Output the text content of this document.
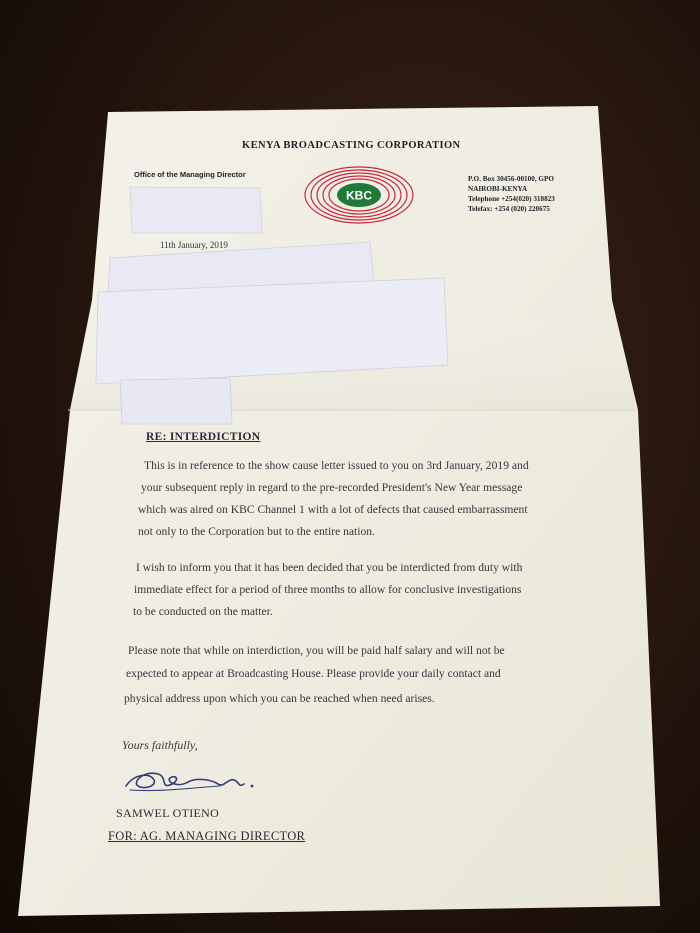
KENYA BROADCASTING CORPORATION
Office of the Managing Director
KBC
P.O. Box 30456-00100, GPO
NAIROBI-KENYA
Telephone +254(020) 318823
Telefax: +254 (020) 220675
11th January, 2019
RE: INTERDICTION
Yours faithfully,
SAMWEL OTIENO
FOR: AG. MANAGING DIRECTOR
